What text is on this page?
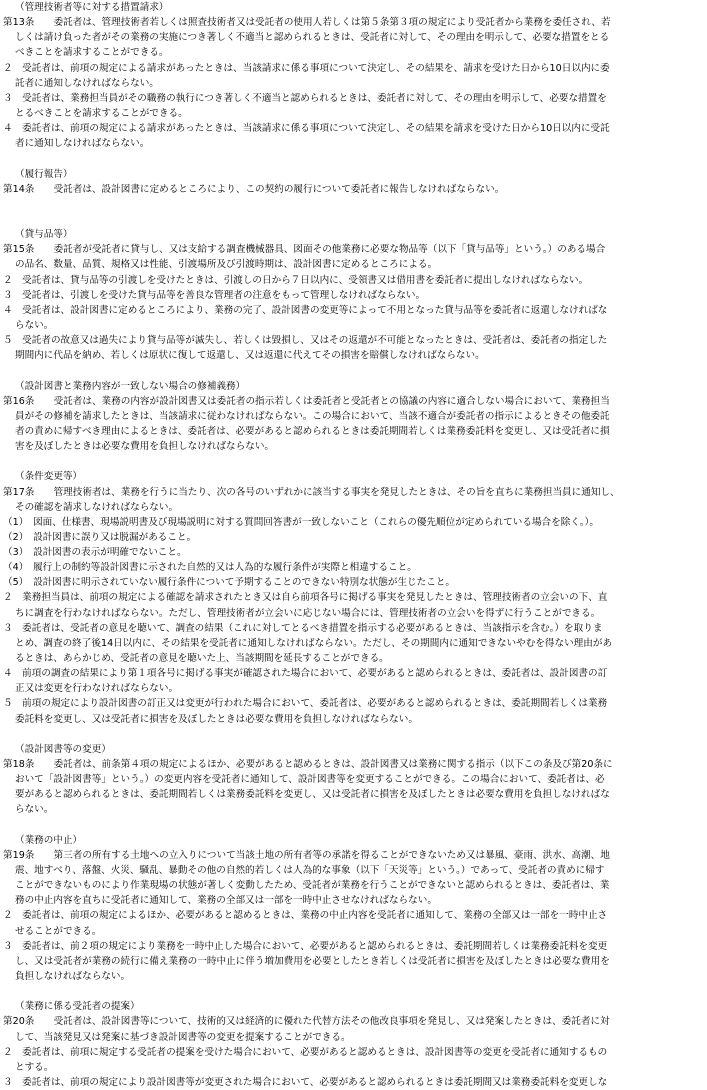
（管理技術者等に対する措置請求）
第13条　　委託者は、管理技術者若しくは照査技術者又は受託者の使用人若しくは第５条第３項の規定により受託者から業務を委任され、若
しくは請け負った者がその業務の実施につき著しく不適当と認められるときは、受託者に対して、その理由を明示して、必要な措置をとる
べきことを請求することができる。
２　受託者は、前項の規定による請求があったときは、当該請求に係る事項について決定し、その結果を、請求を受けた日から10日以内に委
託者に通知しなければならない。
３　受託者は、業務担当員がその職務の執行につき著しく不適当と認められるときは、委託者に対して、その理由を明示して、必要な措置を
とるべきことを請求することができる。
４　委託者は、前項の規定による請求があったときは、当該請求に係る事項について決定し、その結果を請求を受けた日から10日以内に受託
者に通知しなければならない。
（履行報告）
第14条　　受託者は、設計図書に定めるところにより、この契約の履行について委託者に報告しなければならない。
（貸与品等）
第15条　　委託者が受託者に貸与し、又は支給する調査機械器具、図面その他業務に必要な物品等（以下「貸与品等」という。）のある場合
の品名、数量、品質、規格又は性能、引渡場所及び引渡時期は、設計図書に定めるところによる。
２　受託者は、貸与品等の引渡しを受けたときは、引渡しの日から７日以内に、受領書又は借用書を委託者に提出しなければならない。
３　受託者は、引渡しを受けた貸与品等を善良な管理者の注意をもって管理しなければならない。
４　受託者は、設計図書に定めるところにより、業務の完了、設計図書の変更等によって不用となった貸与品等を委託者に返還しなければな
らない。
５　受託者の故意又は過失により貸与品等が滅失し、若しくは毀損し、又はその返還が不可能となったときは、受託者は、委託者の指定した
期間内に代品を納め、若しくは原状に復して返還し、又は返還に代えてその損害を賠償しなければならない。
（設計図書と業務内容が一致しない場合の修補義務）
第16条　　受託者は、業務の内容が設計図書又は委託者の指示若しくは委託者と受託者との協議の内容に適合しない場合において、業務担当
員がその修補を請求したときは、当該請求に従わなければならない。この場合において、当該不適合が委託者の指示によるときその他委託
者の責めに帰すべき理由によるときは、委託者は、必要があると認められるときは委託期間若しくは業務委託料を変更し、又は受託者に損
害を及ぼしたときは必要な費用を負担しなければならない。
（条件変更等）
第17条　　管理技術者は、業務を行うに当たり、次の各号のいずれかに該当する事実を発見したときは、その旨を直ちに業務担当員に通知し、
その確認を請求しなければならない。
（1）　図面、仕様書、現場説明書及び現場説明に対する質問回答書が一致しないこと（これらの優先順位が定められている場合を除く。）。
（2）　設計図書に誤り又は脱漏があること。
（3）　設計図書の表示が明確でないこと。
（4）　履行上の制約等設計図書に示された自然的又は人為的な履行条件が実際と相違すること。
（5）　設計図書に明示されていない履行条件について予期することのできない特別な状態が生じたこと。
２　業務担当員は、前項の規定による確認を請求されたとき又は自ら前項各号に掲げる事実を発見したときは、管理技術者の立会いの下、直
ちに調査を行わなければならない。ただし、管理技術者が立会いに応じない場合には、管理技術者の立会いを得ずに行うことができる。
３　委託者は、受託者の意見を聴いて、調査の結果（これに対してとるべき措置を指示する必要があるときは、当該指示を含む。）を取りま
とめ、調査の終了後14日以内に、その結果を受託者に通知しなければならない。ただし、その期間内に通知できないやむを得ない理由があ
るときは、あらかじめ、受託者の意見を聴いた上、当該期間を延長することができる。
４　前項の調査の結果により第１項各号に掲げる事実が確認された場合において、必要があると認められるときは、委託者は、設計図書の訂
正又は変更を行わなければならない。
５　前項の規定により設計図書の訂正又は変更が行われた場合において、委託者は、必要があると認められるときは、委託期間若しくは業務
委託料を変更し、又は受託者に損害を及ぼしたときは必要な費用を負担しなければならない。
（設計図書等の変更）
第18条　　委託者は、前条第４項の規定によるほか、必要があると認めるときは、設計図書又は業務に関する指示（以下この条及び第20条に
おいて「設計図書等」という。）の変更内容を受託者に通知して、設計図書等を変更することができる。この場合において、委託者は、必
要があると認められるときは、委託期間若しくは業務委託料を変更し、又は受託者に損害を及ぼしたときは必要な費用を負担しなければな
らない。
（業務の中止）
第19条　　第三者の所有する土地への立入りについて当該土地の所有者等の承諾を得ることができないため又は暴風、豪雨、洪水、高潮、地
震、地すべり、落盤、火災、騒乱、暴動その他の自然的若しくは人為的な事象（以下「天災等」という。）であって、受託者の責めに帰す
ことができないものにより作業現場の状態が著しく変動したため、受託者が業務を行うことができないと認められるときは、委託者は、業
務の中止内容を直ちに受託者に通知して、業務の全部又は一部を一時中止させなければならない。
２　委託者は、前項の規定によるほか、必要があると認めるときは、業務の中止内容を受託者に通知して、業務の全部又は一部を一時中止さ
せることができる。
３　委託者は、前２項の規定により業務を一時中止した場合において、必要があると認められるときは、委託期間若しくは業務委託料を変更
し、又は受託者が業務の続行に備え業務の一時中止に伴う増加費用を必要としたとき若しくは受託者に損害を及ぼしたときは必要な費用を
負担しなければならない。
（業務に係る受託者の提案）
第20条　　受託者は、設計図書等について、技術的又は経済的に優れた代替方法その他改良事項を発見し、又は発案したときは、委託者に対
して、当該発見又は発案に基づき設計図書等の変更を提案することができる。
２　委託者は、前項に規定する受託者の提案を受けた場合において、必要があると認めるときは、設計図書等の変更を受託者に通知するもの
とする。
３　委託者は、前項の規定により設計図書等が変更された場合において、必要があると認められるときは委託期間又は業務委託料を変更しな
